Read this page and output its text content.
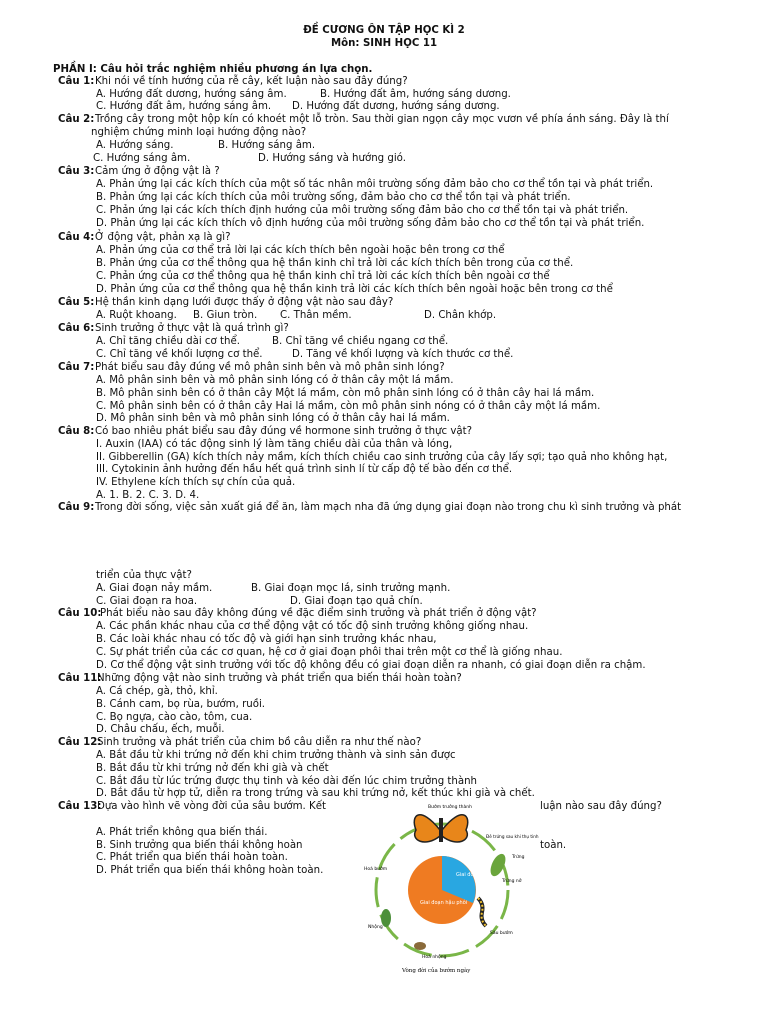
ĐỀ CƯƠNG ÔN TẬP HỌC KÌ 2
Môn: SINH HỌC 11
PHẦN I: Câu hỏi trắc nghiệm nhiều phương án lựa chọn.
Câu 1: Khi nói về tính hướng của rễ cây, kết luận nào sau đây đúng?
A. Hướng đất dương, hướng sáng âm.	B. Hướng đất âm, hướng sáng dương.
C. Hướng đất âm, hướng sáng âm. D. Hướng đất dương, hướng sáng dương.
Câu 2: Trồng cây trong một hộp kín có khoét một lỗ tròn. Sau thời gian ngọn cây mọc vươn về phía ánh sáng. Đây là thí
nghiệm chứng minh loại hướng động nào?
A. Hướng sáng.	B. Hướng sáng âm.
C. Hướng sáng âm.	D. Hướng sáng và hướng gió.
Câu 3: Cảm ứng ở động vật là ?
A. Phản ứng lại các kích thích của một số tác nhân môi trường sống đảm bảo cho cơ thể tồn tại và phát triển.
B. Phản ứng lại các kích thích của môi trường sống, đảm bảo cho cơ thể tồn tại và phát triển.
C. Phản ứng lại các kích thích định hướng của môi trường sống đảm bảo cho cơ thể tồn tại và phát triển.
D. Phản ứng lại các kích thích vô định hướng của môi trường sống đảm bảo cho cơ thể tồn tại và phát triển.
Câu 4: Ở động vật, phản xạ là gì?
A. Phản ứng của cơ thể trả lời lại các kích thích bên ngoài hoặc bên trong cơ thể
B. Phản ứng của cơ thể thông qua hệ thần kinh chỉ trả lời các kích thích bên trong của cơ thể.
C. Phản ứng của cơ thể thông qua hệ thần kinh chỉ trả lời các kích thích bên ngoài cơ thể
D. Phản ứng của cơ thể thông qua hệ thần kinh trả lời các kích thích bên ngoài hoặc bên trong cơ thể
Câu 5: Hệ thần kinh dạng lưới được thấy ở động vật nào sau đây?
A. Ruột khoang. B. Giun tròn. C. Thân mềm.	D. Chân khớp.
Câu 6: Sinh trưởng ở thực vật là quá trình gì?
A. Chỉ tăng chiều dài cơ thể.	B. Chỉ tăng về chiều ngang cơ thể.
C. Chỉ tăng về khối lượng cơ thể.	D. Tăng về khối lượng và kích thước cơ thể.
Câu 7: Phát biểu sau đây đúng về mô phân sinh bên và mô phân sinh lóng?
A. Mô phân sinh bên và mô phân sinh lóng có ở thân cây một lá mầm.
B. Mô phân sinh bên có ở thân cây Một lá mầm, còn mô phân sinh lóng có ở thân cây hai lá mầm.
C. Mô phân sinh bên có ở thân cây Hai lá mầm, còn mô phân sinh nóng có ở thân cây một lá mầm.
D. Mô phân sinh bên và mô phân sinh lóng có ở thân cây hai lá mầm.
Câu 8: Có bao nhiêu phát biểu sau đây đúng về hormone sinh trưởng ở thực vật?
I. Auxin (IAA) có tác động sinh lý làm tăng chiều dài của thân và lóng,
II. Gibberellin (GA) kích thích nảy mầm, kích thích chiều cao sinh trưởng của cây lấy sợi; tạo quả nho không hạt,
III. Cytokinin ảnh hưởng đến hầu hết quá trình sinh lí từ cấp độ tế bào đến cơ thể.
IV. Ethylene kích thích sự chín của quả.
A. 1. B. 2. C. 3. D. 4.
Câu 9: Trong đời sống, việc sản xuất giá để ăn, làm mạch nha đã ứng dụng giai đoạn nào trong chu kì sinh trưởng và phát
triển của thực vật?
A. Giai đoạn nảy mầm.	B. Giai đoạn mọc lá, sinh trưởng mạnh.
C. Giai đoạn ra hoa.	D. Giai đoạn tạo quả chín.
Câu 10:
Phát biểu nào sau đây không đúng về đặc điểm sinh trưởng và phát triển ở động vật?
A. Các phần khác nhau của cơ thể động vật có tốc độ sinh trưởng không giống nhau.
B. Các loài khác nhau có tốc độ và giới hạn sinh trưởng khác nhau,
C. Sự phát triển của các cơ quan, hệ cơ ở giai đoạn phôi thai trên một cơ thể là giống nhau.
D. Cơ thể động vật sinh trưởng với tốc độ không đều có giai đoạn diễn ra nhanh, có giai đoạn diễn ra chậm.
Câu 11:
Những động vật nào sinh trưởng và phát triển qua biến thái hoàn toàn?
A. Cá chép, gà, thỏ, khỉ.
B. Cánh cam, bọ rùa, bướm, ruồi.
C. Bọ ngựa, cào cào, tôm, cua.
D. Châu chấu, ếch, muỗi.
Câu 12:
Sinh trưởng và phát triển của chim bồ câu diễn ra như thế nào?
A. Bắt đầu từ khi trứng nở đến khi chim trưởng thành và sinh sản được
B. Bắt đầu từ khi trứng nở đến khi già và chết
C. Bắt đầu từ lúc trứng được thụ tinh và kéo dài đến lúc chim trưởng thành
D. Bắt đầu từ hợp tử, diễn ra trong trứng và sau khi trứng nở, kết thúc khi già và chết.
Câu 13:
Dựa vào hình vẽ vòng đời của sâu bướm. Kết	luận nào sau đây đúng?
A. Phát triển không qua biến thái.
B. Sinh trưởng qua biến thái không hoàn	toàn.
C. Phát triển qua biến thái hoàn toàn.
D. Phát triển qua biến thái không hoàn toàn.	Giai đoạn phôi
Giai đoạn hậu phôi
Bướm trưởng thành
Đẻ trứng sau khi thụ tinh
Trứng
Trứng nở
Sâu bướm
Hoá nhộng
Nhộng
Hoá bướm
Vòng đời của bướm ngày
